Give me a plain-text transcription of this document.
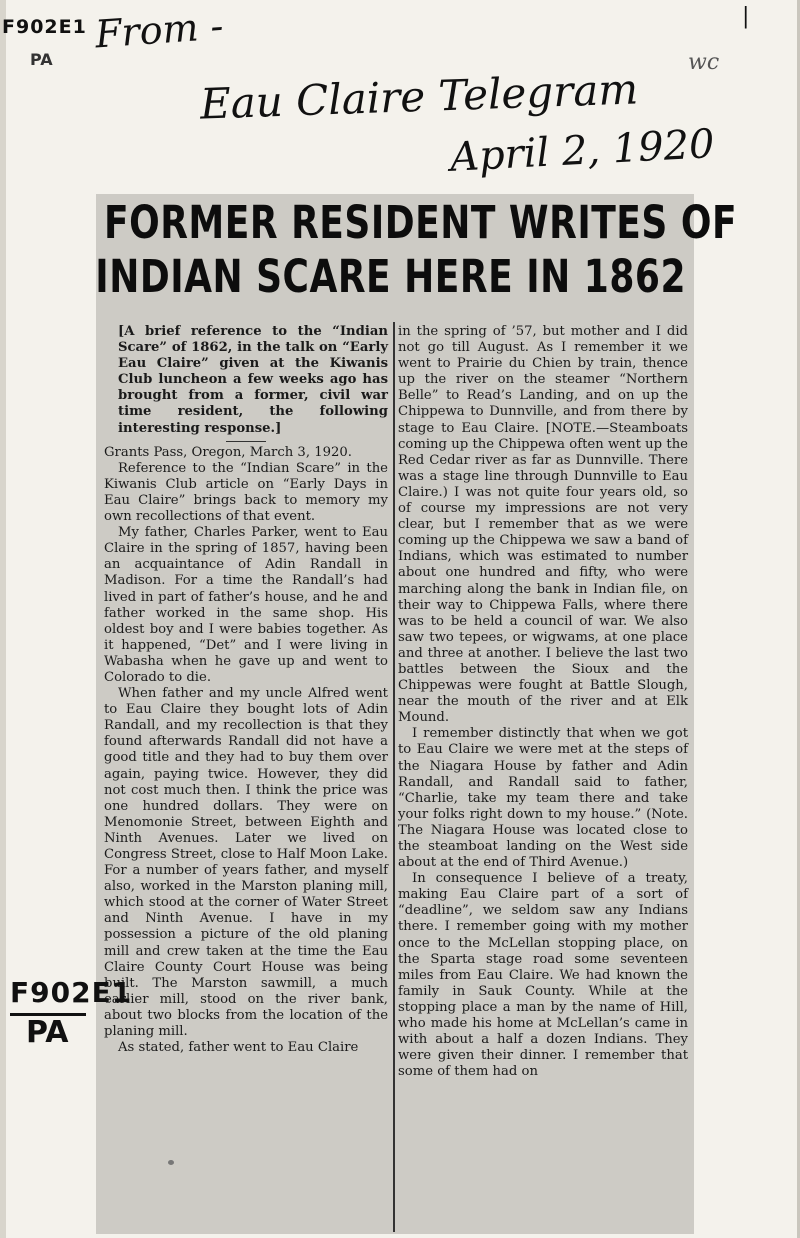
|
F902E1
PA
From -
Eau Claire Telegram
April 2, 1920
wc
FORMER RESIDENT WRITES OF
INDIAN SCARE HERE IN 1862

[A brief reference to the “Indian Scare” of 1862, in the talk on “Early Eau Claire” given at the Kiwanis Club luncheon a few weeks ago has brought from a former, civil war time resident, the following interesting response.]

Grants Pass, Oregon, March 3, 1920.

Reference to the “Indian Scare” in the Kiwanis Club article on “Early Days in Eau Claire” brings back to memory my own recollections of that event.

My father, Charles Parker, went to Eau Claire in the spring of 1857, having been an acquaintance of Adin Randall in Madison. For a time the Randall’s had lived in part of father’s house, and he and father worked in the same shop. His oldest boy and I were babies together. As it happened, “Det” and I were living in Wabasha when he gave up and went to Colorado to die.

When father and my uncle Alfred went to Eau Claire they bought lots of Adin Randall, and my recollection is that they found afterwards Randall did not have a good title and they had to buy them over again, paying twice. However, they did not cost much then. I think the price was one hundred dollars. They were on Menomonie Street, between Eighth and Ninth Avenues. Later we lived on Congress Street, close to Half Moon Lake. For a number of years father, and myself also, worked in the Marston planing mill, which stood at the corner of Water Street and Ninth Avenue. I have in my possession a picture of the old planing mill and crew taken at the time the Eau Claire County Court House was being built. The Marston sawmill, a much earlier mill, stood on the river bank, about two blocks from the location of the planing mill.

As stated, father went to Eau Claire

in the spring of ’57, but mother and I did not go till August. As I remember it we went to Prairie du Chien by train, thence up the river on the steamer “Northern Belle” to Read’s Landing, and on up the Chippewa to Dunnville, and from there by stage to Eau Claire. [NOTE.—Steamboats coming up the Chippewa often went up the Red Cedar river as far as Dunnville. There was a stage line through Dunnville to Eau Claire.) I was not quite four years old, so of course my impressions are not very clear, but I remember that as we were coming up the Chippewa we saw a band of Indians, which was estimated to number about one hundred and fifty, who were marching along the bank in Indian file, on their way to Chippewa Falls, where there was to be held a council of war. We also saw two tepees, or wigwams, at one place and three at another. I believe the last two battles between the Sioux and the Chippewas were fought at Battle Slough, near the mouth of the river and at Elk Mound.

I remember distinctly that when we got to Eau Claire we were met at the steps of the Niagara House by father and Adin Randall, and Randall said to father, “Charlie, take my team there and take your folks right down to my house.” (Note. The Niagara House was located close to the steamboat landing on the West side about at the end of Third Avenue.)

In consequence I believe of a treaty, making Eau Claire part of a sort of “deadline”, we seldom saw any Indians there. I remember going with my mother once to the McLellan stopping place, on the Sparta stage road some seventeen miles from Eau Claire. We had known the family in Sauk County. While at the stopping place a man by the name of Hill, who made his home at McLellan’s came in with about a half a dozen Indians. They were given their dinner. I remember that some of them had on

F902E1
PA
